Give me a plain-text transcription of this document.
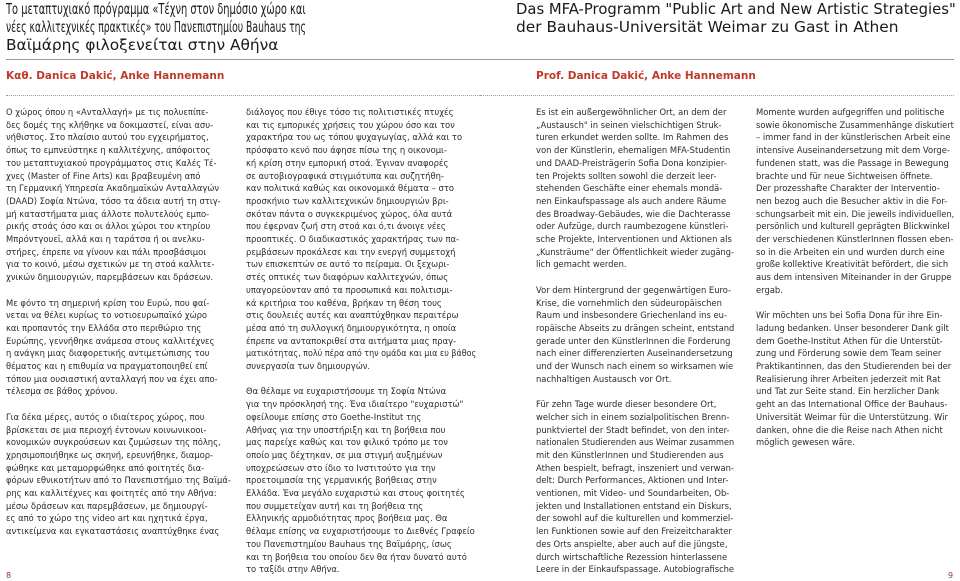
Το μεταπτυχιακό πρόγραμμα «Τέχνη στον δημόσιο χώρο και
νέες καλλιτεχνικές πρακτικές» του Πανεπιστημίου Bauhaus της
Βαϊμάρης φιλοξενείται στην Αθήνα
Καθ. Danica Dakić, Anke Hannemann
Ο χώρος όπου η «Ανταλλαγή» με τις πολυεπίπε-
δες δομές της κλήθηκε να δοκιμαστεί, είναι ασυ-
νήθιστος. Στο πλαίσιο αυτού του εγχειρήματος,
όπως το εμπνεύστηκε η καλλιτέχνης, απόφοιτος
του μεταπτυχιακού προγράμματος στις Καλές Τέ-
χνες (Master of Fine Arts) και βραβευμένη από
τη Γερμανική Υπηρεσία Ακαδημαϊκών Ανταλλαγών
(DAAD) Σοφία Ντώνα, τόσο τα άδεια αυτή τη στιγ-
μή καταστήματα μιας άλλοτε πολυτελούς εμπο-
ρικής στοάς όσο και οι άλλοι χώροι του κτηρίου
Μπρόντγουεϊ, αλλά και η ταράτσα ή οι ανελκυ-
στήρες, έπρεπε να γίνουν και πάλι προσβάσιμοι
για το κοινό, μέσω σχετικών με τη στοά καλλιτε-
χνικών δημιουργιών, παρεμβάσεων και δράσεων.
Με φόντο τη σημερινή κρίση του Ευρώ, που φαί-
νεται να θέλει κυρίως το νοτιοευρωπαϊκό χώρο
και προπαντός την Ελλάδα στο περιθώριο της
Ευρώπης, γεννήθηκε ανάμεσα στους καλλιτέχνες
η ανάγκη μιας διαφορετικής αντιμετώπισης του
θέματος και η επιθυμία να πραγματοποιηθεί επί
τόπου μια ουσιαστική ανταλλαγή που να έχει απο-
τέλεσμα σε βάθος χρόνου.
Για δέκα μέρες, αυτός ο ιδιαίτερος χώρος, που
βρίσκεται σε μια περιοχή έντονων κοινωνικοοι-
κονομικών συγκρούσεων και ζυμώσεων της πόλης,
χρησιμοποιήθηκε ως σκηνή, ερευνήθηκε, διαμορ-
φώθηκε και μεταμορφώθηκε από φοιτητές δια-
φόρων εθνικοτήτων από το Πανεπιστήμιο της Βαϊμά-
ρης και καλλιτέχνες και φοιτητές από την Αθήνα:
μέσω δράσεων και παρεμβάσεων, με δημιουργί-
ες από το χώρο της video art και ηχητικά έργα,
αντικείμενα και εγκαταστάσεις αναπτύχθηκε ένας
διάλογος που έθιγε τόσο τις πολιτιστικές πτυχές
και τις εμπορικές χρήσεις του χώρου όσο και τον
χαρακτήρα του ως τόπου ψυχαγωγίας, αλλά και το
πρόσφατο κενό που άφησε πίσω της η οικονομι-
κή κρίση στην εμπορική στοά. Έγιναν αναφορές
σε αυτοβιογραφικά στιγμιότυπα και συζητήθη-
καν πολιτικά καθώς και οικονομικά θέματα – στο
προσκήνιο των καλλιτεχνικών δημιουργιών βρι-
σκόταν πάντα ο συγκεκριμένος χώρος, όλα αυτά
που έφερναν ζωή στη στοά και ό,τι άνοιγε νέες
προοπτικές. Ο διαδικαστικός χαρακτήρας των πα-
ρεμβάσεων προκάλεσε και την ενεργή συμμετοχή
των επισκεπτών σε αυτό το πείραμα. Οι ξεχωρι-
στές οπτικές των διαφόρων καλλιτεχνών, όπως
υπαγορεύονταν από τα προσωπικά και πολιτισμι-
κά κριτήρια του καθένα, βρήκαν τη θέση τους
στις δουλειές αυτές και αναπτύχθηκαν περαιτέρω
μέσα από τη συλλογική δημιουργικότητα, η οποία
έπρεπε να ανταποκριθεί στα αιτήματα μιας πραγ-
ματικότητας, πολύ πέρα από την ομάδα και μια ευ βάθος
συνεργασία των δημιουργών.
Θα θέλαμε να ευχαριστήσουμε τη Σοφία Ντώνα
για την πρόσκλησή της. Ένα ιδιαίτερο "ευχαριστώ"
οφείλουμε επίσης στο Goethe-Institut της
Αθήνας για την υποστήριξη και τη βοήθεια που
μας παρείχε καθώς και τον φιλικό τρόπο με τον
οποίο μας δέχτηκαν, σε μια στιγμή αυξημένων
υποχρεώσεων στο ίδιο το Ινστιτούτο για την
προετοιμασία της γερμανικής βοήθειας στην
Ελλάδα. Ένα μεγάλο ευχαριστώ και στους φοιτητές
που συμμετείχαν αυτή και τη βοήθεια της
Ελληνικής αρμοδιότητας προς βοήθεια μας. Θα
θέλαμε επίσης να ευχαριστήσουμε το Διεθνές Γραφείο
του Πανεπιστημίου Bauhaus της Βαϊμάρης, ίσως
και τη βοήθεια του οποίου δεν θα ήταν δυνατό αυτό
το ταξίδι στην Αθήνα.
8
Das MFA-Programm "Public Art and New Artistic Strategies"
der Bauhaus-Universität Weimar zu Gast in Athen
Prof. Danica Dakić, Anke Hannemann
Es ist ein außergewöhnlicher Ort, an dem der
„Austausch" in seinen vielschichtigen Struk-
turen erkundet werden sollte. Im Rahmen des
von der Künstlerin, ehemaligen MFA-Studentin
und DAAD-Preisträgerin Sofia Dona konzipier-
ten Projekts sollten sowohl die derzeit leer-
stehenden Geschäfte einer ehemals mondä-
nen Einkaufspassage als auch andere Räume
des Broadway-Gebäudes, wie die Dachterasse
oder Aufzüge, durch raumbezogene künstleri-
sche Projekte, Interventionen und Aktionen als
„Kunsträume" der Öffentlichkeit wieder zugäng-
lich gemacht werden.
Vor dem Hintergrund der gegenwärtigen Euro-
Krise, die vornehmlich den südeuropäischen
Raum und insbesondere Griechenland ins eu-
ropäische Abseits zu drängen scheint, entstand
gerade unter den KünstlerInnen die Forderung
nach einer differenzierten Auseinandersetzung
und der Wunsch nach einem so wirksamen wie
nachhaltigen Austausch vor Ort.
Für zehn Tage wurde dieser besondere Ort,
welcher sich in einem sozialpolitischen Brenn-
punktviertel der Stadt befindet, von den inter-
nationalen Studierenden aus Weimar zusammen
mit den KünstlerInnen und Studierenden aus
Athen bespielt, befragt, inszeniert und verwan-
delt: Durch Performances, Aktionen und Inter-
ventionen, mit Video- und Soundarbeiten, Ob-
jekten und Installationen entstand ein Diskurs,
der sowohl auf die kulturellen und kommerziel-
len Funktionen sowie auf den Freizeitcharakter
des Orts anspielte, aber auch auf die jüngste,
durch wirtschaftliche Rezession hinterlassene
Leere in der Einkaufspassage. Autobiografische
Momente wurden aufgegriffen und politische
sowie ökonomische Zusammenhänge diskutiert
– immer fand in der künstlerischen Arbeit eine
intensive Auseinandersetzung mit dem Vorge-
fundenen statt, was die Passage in Bewegung
brachte und für neue Sichtweisen öffnete.
Der prozesshafte Charakter der Interventio-
nen bezog auch die Besucher aktiv in die For-
schungsarbeit mit ein. Die jeweils individuellen,
persönlich und kulturell geprägten Blickwinkel
der verschiedenen KünstlerInnen flossen eben-
so in die Arbeiten ein und wurden durch eine
große kollektive Kreativität befördert, die sich
aus dem intensiven Miteinander in der Gruppe
ergab.
Wir möchten uns bei Sofia Dona für ihre Ein-
ladung bedanken. Unser besonderer Dank gilt
dem Goethe-Institut Athen für die Unterstüt-
zung und Förderung sowie dem Team seiner
Praktikantinnen, das den Studierenden bei der
Realisierung ihrer Arbeiten jederzeit mit Rat
und Tat zur Seite stand. Ein herzlicher Dank
geht an das International Office der Bauhaus-
Universität Weimar für die Unterstützung. Wir
danken, ohne die die Reise nach Athen nicht
möglich gewesen wäre.
9
